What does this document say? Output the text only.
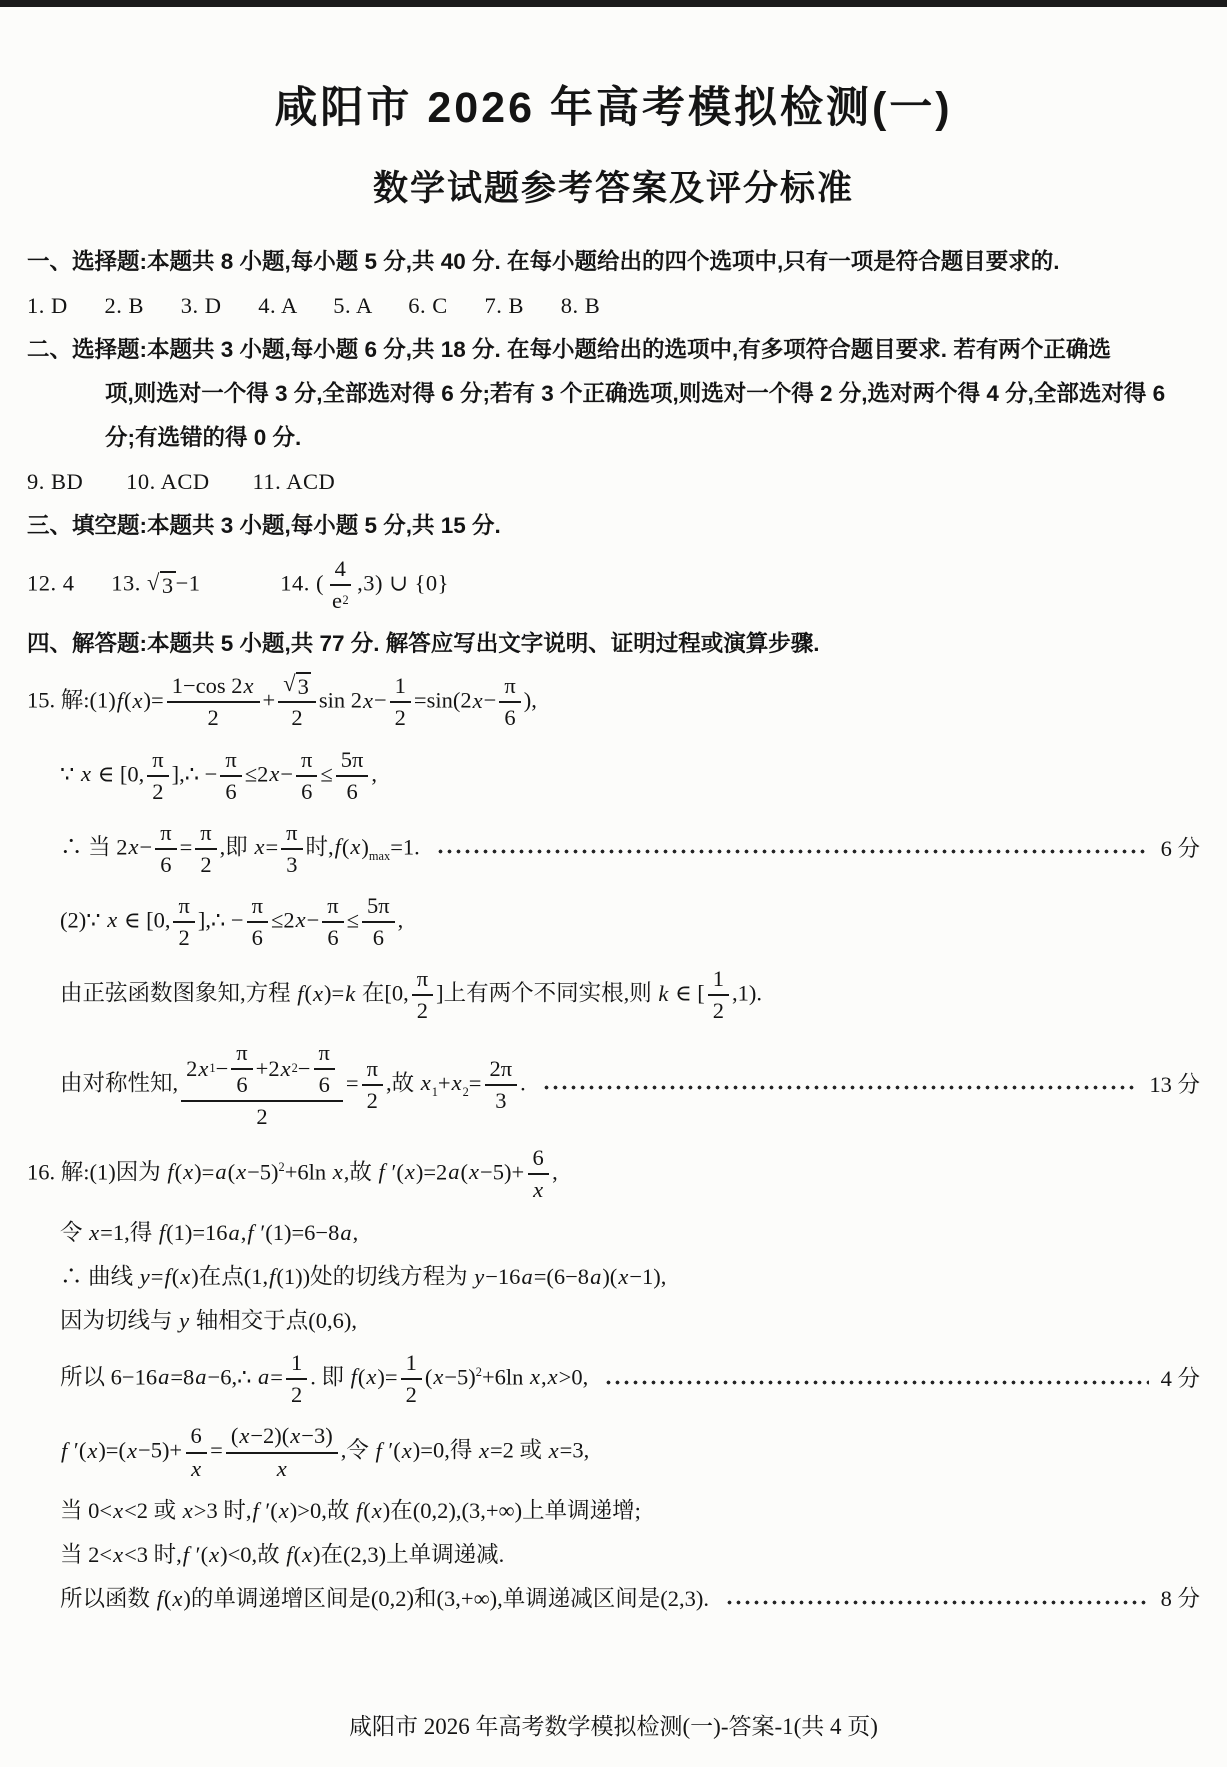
咸阳市 2026 年高考模拟检测(一)
数学试题参考答案及评分标准
一、选择题:本题共 8 小题,每小题 5 分,共 40 分. 在每小题给出的四个选项中,只有一项是符合题目要求的.
1. D      2. B      3. D      4. A      5. A      6. C      7. B      8. B
二、选择题:本题共 3 小题,每小题 6 分,共 18 分. 在每小题给出的选项中,有多项符合题目要求. 若有两个正确选
项,则选对一个得 3 分,全部选对得 6 分;若有 3 个正确选项,则选对一个得 2 分,选对两个得 4 分,全部选对得 6
分;有选错的得 0 分.
9. BD       10. ACD       11. ACD
三、填空题:本题共 3 小题,每小题 5 分,共 15 分.
12. 4      13. √ 3 −1             14. ( $\frac{4}{e 2} ,3$) ∪ {0}
四、解答题:本题共 5 小题,共 77 分. 解答应写出文字说明、证明过程或演算步骤.
15. 解:(1)f(x)= $\frac{1-\cos 2 x}{2} + \frac{√ 3}{2}$ $\sin 2x- \frac{1}{2} =\sin(2x- \frac{\pi}{6}$ ),
∵ x ∈ [0, $\frac{\pi}{2}$ ],∴ − $\frac{\pi}{6} \le 2x- \frac{\pi}{6} \le \frac{5\pi}{6}$ ,
∴ 当 $2x- \frac{\pi}{6} = \frac{\pi}{2}$ ,即 $x= \frac{\pi}{3}$ 时$,f(x)_{max}=1$.	6 分
(2)∵ x ∈ [0, $\frac{\pi}{2}$ ],∴ − $\frac{\pi}{6} \le 2x- \frac{\pi}{6} \le \frac{5\pi}{6}$ ,
由正弦函数图象知,方程 f(x)=k 在[0, $\frac{\pi}{2}$ ]上有两个不同实根,则 k ∈ [ $\frac{1}{2} ,1$).
由对称性知, $\frac{2 x 1 - \frac{\pi}{6} +2 x 2 - \frac{\pi}{6}}{2} = \frac{\pi}{2}$ ,故 $x_1+x_2= \frac{2\pi}{3}$ .	13 分
16. 解:(1)因为 $f(x)=a(x-5)^2+6\ln$ x,故 f $'(x)=2a(x-5)+ \frac{6}{x}$ ,
令 x=1,得 f(1)=16a,f ′(1)=6−8a,
∴ 曲线 y=f(x)在点(1,f(1))处的切线方程为 y−16a=(6−8a)(x−1),
因为切线与 y 轴相交于点(0,6),
所以 6−16a=8a−6,∴ $a= \frac{1}{2}$ . 即 $f(x)= \frac{1}{2} (x-5)^2+6\ln$ x,x>0,	4 分
f $'(x)=(x-5)+ \frac{6}{x} = \frac{( x -2)( x -3)}{x}$ ,令 f ′(x)=0,得 x=2 或 x=3,
当 0<x<2 或 x>3 时,f ′(x)>0,故 f(x)在(0,2),(3,+∞)上单调递增;
当 2<x<3 时,f ′(x)<0,故 f(x)在(2,3)上单调递减.
所以函数 f(x)的单调递增区间是(0,2)和(3,+∞),单调递减区间是(2,3).	8 分
咸阳市 2026 年高考数学模拟检测(一)-答案-1(共 4 页)
